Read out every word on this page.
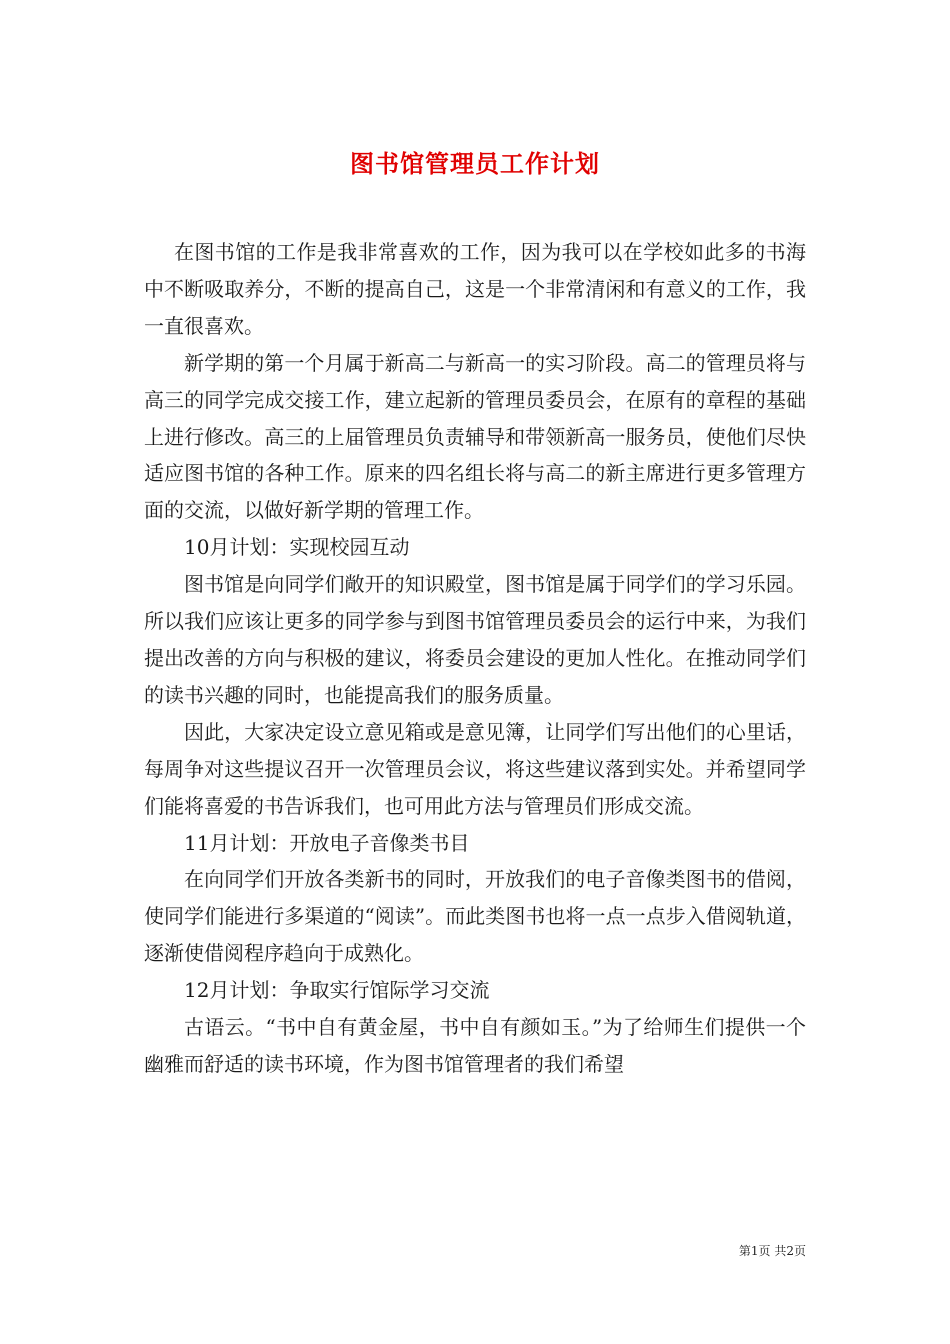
图书馆管理员工作计划

在图书馆的工作是我非常喜欢的工作，因为我可以在学校如此多的书海中不断吸取养分，不断的提高自己，这是一个非常清闲和有意义的工作，我一直很喜欢。

新学期的第一个月属于新高二与新高一的实习阶段。高二的管理员将与高三的同学完成交接工作，建立起新的管理员委员会，在原有的章程的基础上进行修改。高三的上届管理员负责辅导和带领新高一服务员，使他们尽快适应图书馆的各种工作。原来的四名组长将与高二的新主席进行更多管理方面的交流，以做好新学期的管理工作。

10月计划：实现校园互动

图书馆是向同学们敞开的知识殿堂，图书馆是属于同学们的学习乐园。所以我们应该让更多的同学参与到图书馆管理员委员会的运行中来，为我们提出改善的方向与积极的建议，将委员会建设的更加人性化。在推动同学们的读书兴趣的同时，也能提高我们的服务质量。

因此，大家决定设立意见箱或是意见簿，让同学们写出他们的心里话，每周争对这些提议召开一次管理员会议，将这些建议落到实处。并希望同学们能将喜爱的书告诉我们，也可用此方法与管理员们形成交流。

11月计划：开放电子音像类书目

在向同学们开放各类新书的同时，开放我们的电子音像类图书的借阅，使同学们能进行多渠道的“阅读”。而此类图书也将一点一点步入借阅轨道，逐渐使借阅程序趋向于成熟化。

12月计划：争取实行馆际学习交流

古语云。“书中自有黄金屋，书中自有颜如玉。”为了给师生们提供一个幽雅而舒适的读书环境，作为图书馆管理者的我们希望

第1页 共2页
